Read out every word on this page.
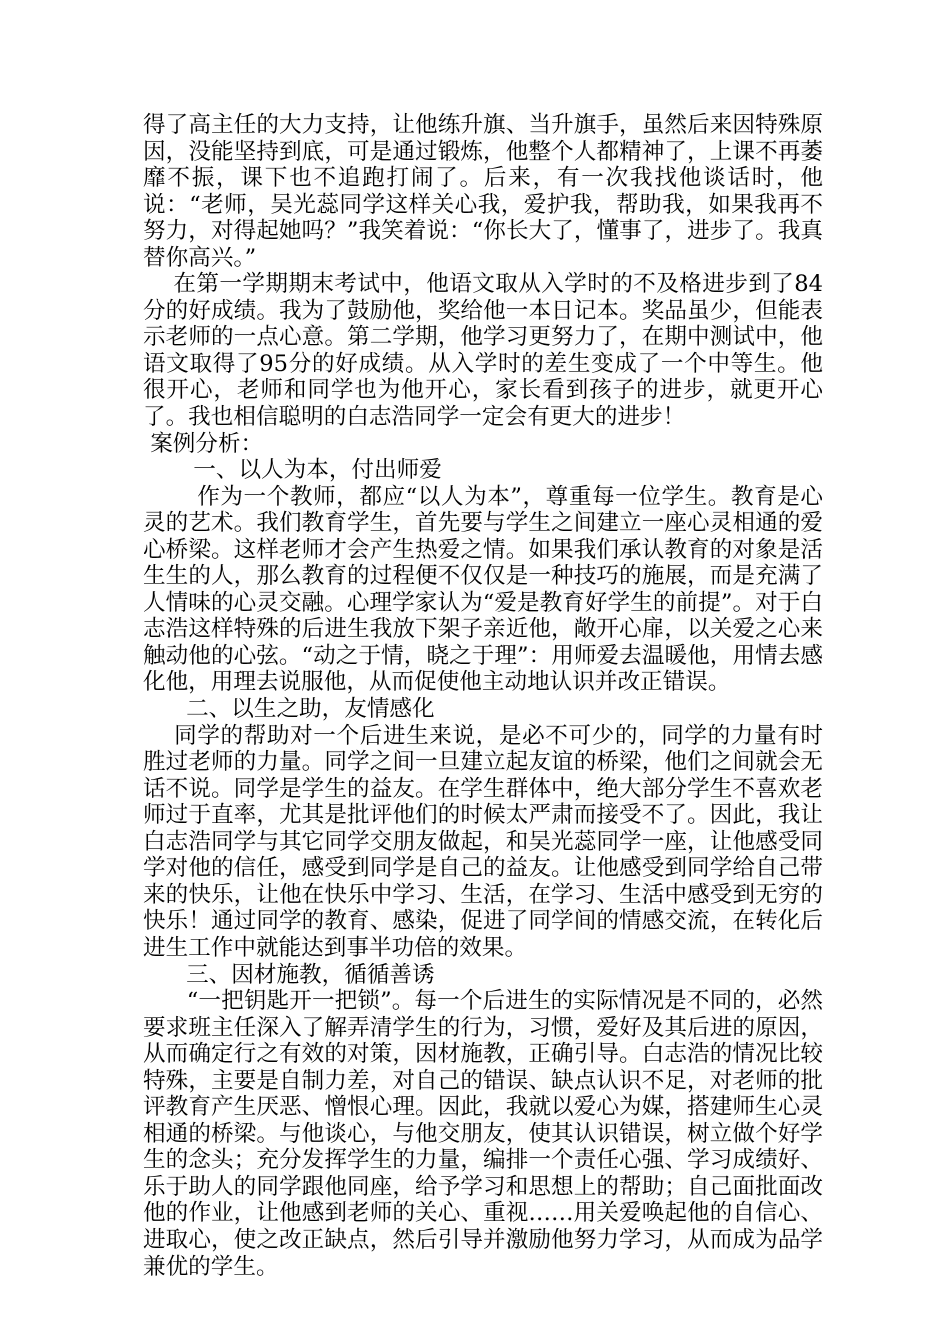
得了高主任的大力支持，让他练升旗、当升旗手，虽然后来因特殊原因，没能坚持到底，可是通过锻炼，他整个人都精神了，上课不再萎靡不振，课下也不追跑打闹了。后来，有一次我找他谈话时，他说：“老师，吴光蕊同学这样关心我，爱护我，帮助我，如果我再不努力，对得起她吗？”我笑着说：“你长大了，懂事了，进步了。我真替你高兴。”

在第一学期期末考试中，他语文取从入学时的不及格进步到了84分的好成绩。我为了鼓励他，奖给他一本日记本。奖品虽少，但能表示老师的一点心意。第二学期，他学习更努力了，在期中测试中，他语文取得了95分的好成绩。从入学时的差生变成了一个中等生。他很开心，老师和同学也为他开心，家长看到孩子的进步，就更开心了。我也相信聪明的白志浩同学一定会有更大的进步！

案例分析：

一、以人为本，付出师爱

作为一个教师，都应“以人为本”，尊重每一位学生。教育是心灵的艺术。我们教育学生，首先要与学生之间建立一座心灵相通的爱心桥梁。这样老师才会产生热爱之情。如果我们承认教育的对象是活生生的人，那么教育的过程便不仅仅是一种技巧的施展，而是充满了人情味的心灵交融。心理学家认为“爱是教育好学生的前提”。对于白志浩这样特殊的后进生我放下架子亲近他，敞开心扉，以关爱之心来触动他的心弦。“动之于情，晓之于理”：用师爱去温暖他，用情去感化他，用理去说服他，从而促使他主动地认识并改正错误。

二、以生之助，友情感化

同学的帮助对一个后进生来说，是必不可少的，同学的力量有时胜过老师的力量。同学之间一旦建立起友谊的桥梁，他们之间就会无话不说。同学是学生的益友。在学生群体中，绝大部分学生不喜欢老师过于直率，尤其是批评他们的时候太严肃而接受不了。因此，我让白志浩同学与其它同学交朋友做起，和吴光蕊同学一座，让他感受同学对他的信任，感受到同学是自己的益友。让他感受到同学给自己带来的快乐，让他在快乐中学习、生活，在学习、生活中感受到无穷的快乐！通过同学的教育、感染，促进了同学间的情感交流，在转化后进生工作中就能达到事半功倍的效果。

三、因材施教，循循善诱

“一把钥匙开一把锁”。每一个后进生的实际情况是不同的，必然要求班主任深入了解弄清学生的行为，习惯，爱好及其后进的原因，从而确定行之有效的对策，因材施教，正确引导。白志浩的情况比较特殊，主要是自制力差，对自己的错误、缺点认识不足，对老师的批评教育产生厌恶、憎恨心理。因此，我就以爱心为媒，搭建师生心灵相通的桥梁。与他谈心，与他交朋友，使其认识错误，树立做个好学生的念头；充分发挥学生的力量，编排一个责任心强、学习成绩好、乐于助人的同学跟他同座，给予学习和思想上的帮助；自己面批面改他的作业，让他感到老师的关心、重视……用关爱唤起他的自信心、进取心，使之改正缺点，然后引导并激励他努力学习，从而成为品学兼优的学生。
